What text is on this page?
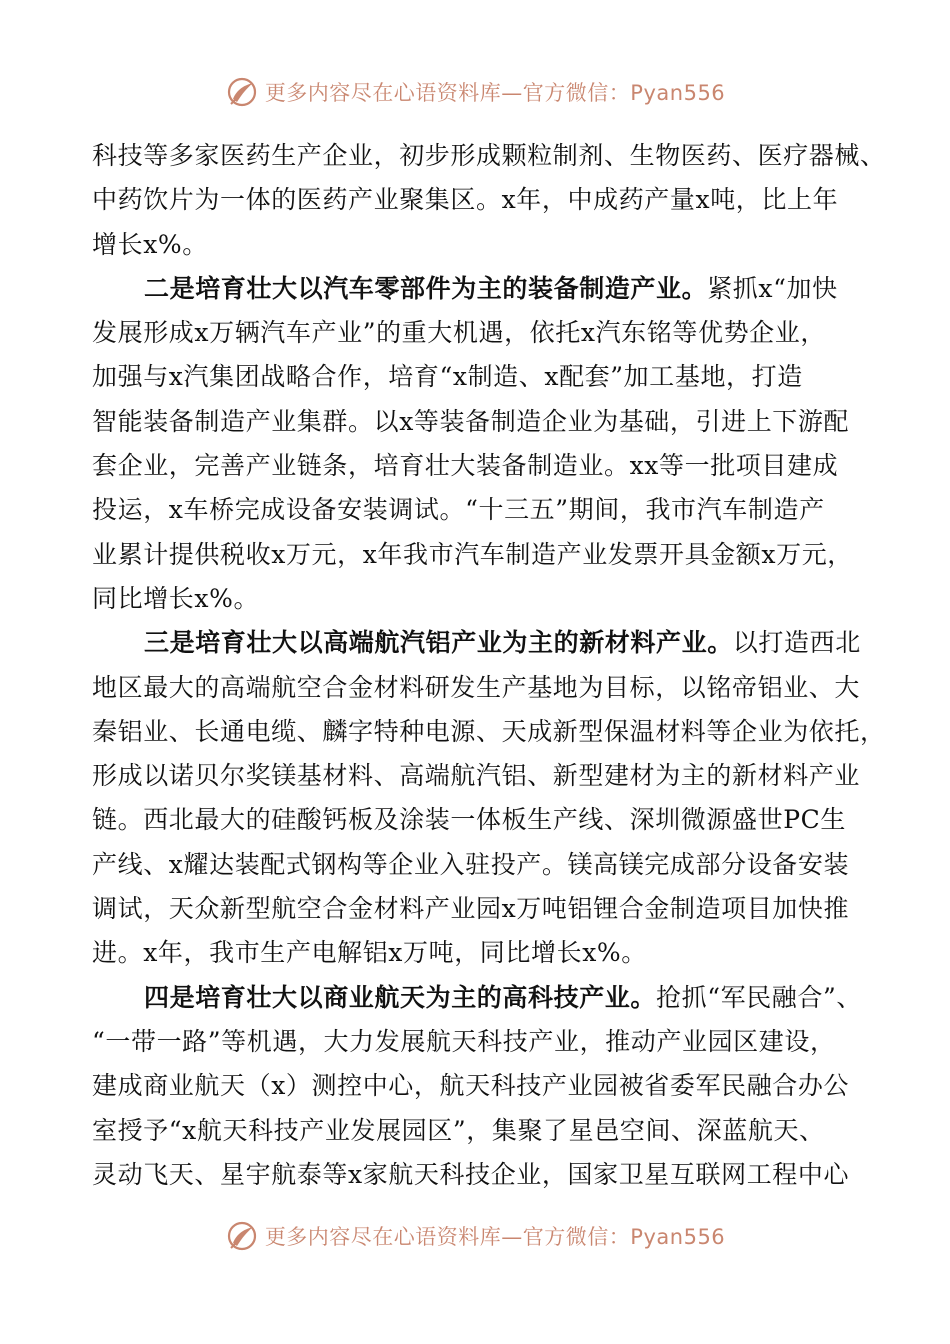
更多内容尽在心语资料库—官方微信：Pyan556
科技等多家医药生产企业，初步形成颗粒制剂、生物医药、医疗器械、
中药饮片为一体的医药产业聚集区。x年，中成药产量x吨，比上年
增长x%。
二是培育壮大以汽车零部件为主的装备制造产业。紧抓x“加快
发展形成x万辆汽车产业”的重大机遇，依托x汽东铭等优势企业，
加强与x汽集团战略合作，培育“x制造、x配套”加工基地，打造
智能装备制造产业集群。以x等装备制造企业为基础，引进上下游配
套企业，完善产业链条，培育壮大装备制造业。xx等一批项目建成
投运，x车桥完成设备安装调试。“十三五”期间，我市汽车制造产
业累计提供税收x万元，x年我市汽车制造产业发票开具金额x万元，
同比增长x%。
三是培育壮大以高端航汽铝产业为主的新材料产业。以打造西北
地区最大的高端航空合金材料研发生产基地为目标，以铭帝铝业、大
秦铝业、长通电缆、麟字特种电源、天成新型保温材料等企业为依托，
形成以诺贝尔奖镁基材料、高端航汽铝、新型建材为主的新材料产业
链。西北最大的硅酸钙板及涂装一体板生产线、深圳微源盛世PC生
产线、x耀达装配式钢构等企业入驻投产。镁高镁完成部分设备安装
调试，天众新型航空合金材料产业园x万吨铝锂合金制造项目加快推
进。x年，我市生产电解铝x万吨，同比增长x%。
四是培育壮大以商业航天为主的高科技产业。抢抓“军民融合”、
“一带一路”等机遇，大力发展航天科技产业，推动产业园区建设，
建成商业航天（x）测控中心，航天科技产业园被省委军民融合办公
室授予“x航天科技产业发展园区”，集聚了星邑空间、深蓝航天、
灵动飞天、星宇航泰等x家航天科技企业，国家卫星互联网工程中心
更多内容尽在心语资料库—官方微信：Pyan556
